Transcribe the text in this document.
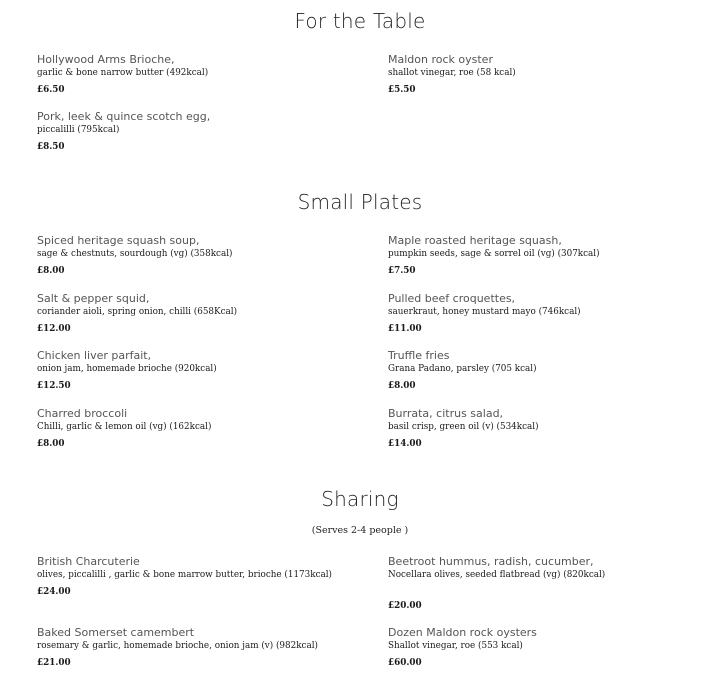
For the Table
Hollywood Arms Brioche,
garlic & bone narrow butter (492kcal)
£6.50
Maldon rock oyster
shallot vinegar, roe (58 kcal)
£5.50
Pork, leek & quince scotch egg,
piccalilli (795kcal)
£8.50
Small Plates
Spiced heritage squash soup,
sage & chestnuts, sourdough (vg) (358kcal)
£8.00
Maple roasted heritage squash,
pumpkin seeds, sage & sorrel oil (vg) (307kcal)
£7.50
Salt & pepper squid,
coriander aioli, spring onion, chilli (658Kcal)
£12.00
Pulled beef croquettes,
sauerkraut, honey mustard mayo (746kcal)
£11.00
Chicken liver parfait,
onion jam, homemade brioche (920kcal)
£12.50
Truffle fries
Grana Padano, parsley (705 kcal)
£8.00
Charred broccoli
Chilli, garlic & lemon oil (vg) (162kcal)
£8.00
Burrata, citrus salad,
basil crisp, green oil (v) (534kcal)
£14.00
Sharing
(Serves 2-4 people )
British Charcuterie
olives, piccalilli , garlic & bone marrow butter, brioche (1173kcal)
£24.00
Beetroot hummus, radish, cucumber,
Nocellara olives, seeded flatbread (vg) (820kcal)
£20.00
Baked Somerset camembert
rosemary & garlic, homemade brioche, onion jam (v) (982kcal)
£21.00
Dozen Maldon rock oysters
Shallot vinegar, roe (553 kcal)
£60.00
